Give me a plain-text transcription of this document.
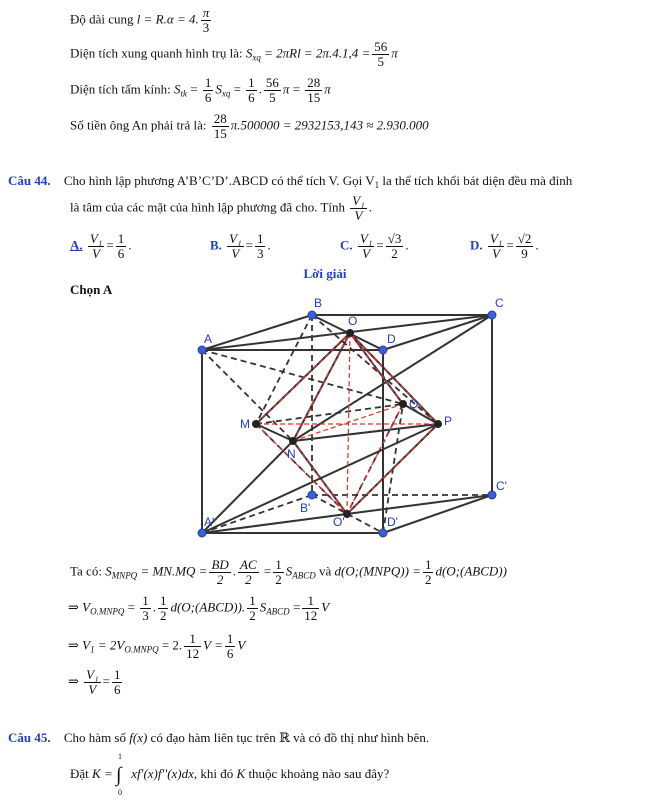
Độ dài cung l = R.α = 4. $\frac{\pi}{3}$
Diện tích xung quanh hình trụ là: $S_{xq} = 2\pi Rl = 2\pi.4.1,4 = \frac{56}{5}$ π
Diện tích tấm kính: $S_{tk} = \frac{1}{6} S_{xq} = \frac{1}{6}$ . $\frac{56}{5}$ $\pi = \frac{28}{15}$ π
Số tiền ông An phải trả là: $\frac{28}{15} \pi.500000 = 2932153,143 \approx 2.930.000$
Câu 44. Cho hình lập phương A’B’C’D’.ABCD có thể tích V. Gọi $V_1$ la thể tích khối bát diện đều mà đỉnh
là tâm của các mặt của hình lập phương đã cho. Tính $\frac{\text{V₁}}{V}$ .
A. $\frac{\text{V₁}}{V} = \frac{1}{6}$ .	B. $\frac{\text{V₁}}{V} = \frac{1}{3}$ .	C. $\frac{\text{V₁}}{V} = \frac{√3}{2}$ .	D. $\frac{\text{V₁}}{V} = \frac{√2}{9}$ .
Lời giải
Chọn A
B	C
A	D
O
Q
P
M
N
C'
B'
A'	O'	D'
Ta có: $S_{MNPQ} = MN.MQ = \frac{BD}{2}$ . $\frac{AC}{2} = \frac{1}{2} S_{ABCD}$ và d(O;(MNPQ)) = $\frac{1}{2}$ d(O;(ABCD))
⇒ $V_{O.MNPQ} = \frac{1}{3}$ . $\frac{1}{2}$ d(O;(ABCD)). $\frac{1}{2} S_{ABCD} = \frac{1}{12}$ V
⇒ $V_1 = 2V_{O.MNPQ} = 2$. $\frac{1}{12}$ $V = \frac{1}{6}$ V
⇒ $\frac{\text{V₁}}{V} = \frac{1}{6}$
Câu 45. Cho hàm số f(x) có đạo hàm liên tục trên ℝ và có đồ thị như hình bên.
Đặt K =
1
∫
0
xf′(x)f′′(x)dx, khi đó K thuộc khoảng nào sau đây?
